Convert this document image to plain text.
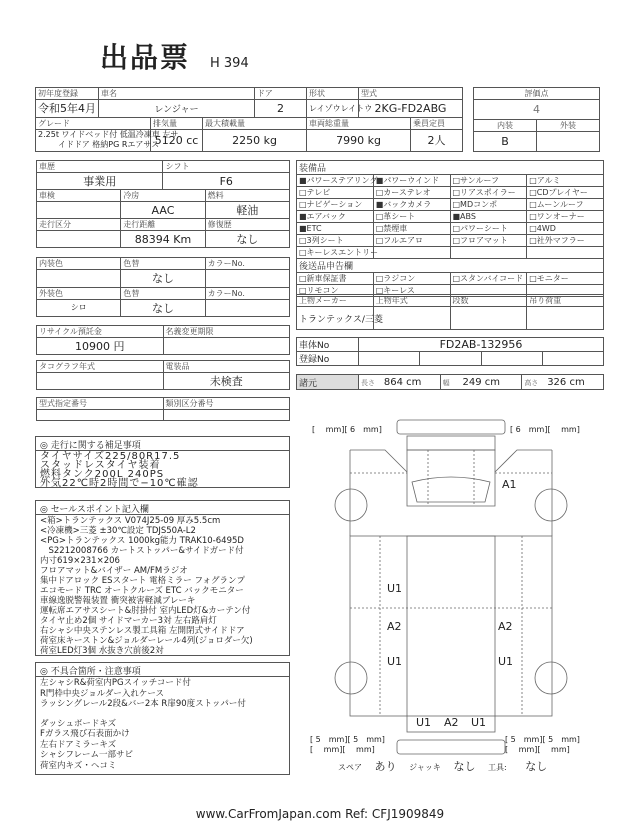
出品票 H 394
初年度登録	車名			ドア	形状	型式	
令和5年4月	レンジャー			2	レイゾウレイトウ	2KG-FD2ABG	
グレード		排気量	最大積載量		車両総重量		乗員定員

2.25t ワイドベッド付 低温冷凍車 左サ
イドドア 格納PG Rエアサス		5120 cc	2250 kg		7990 kg		2人
評価点	
4	
内装	外装
B	
車歴		シフト	
事業用		F6	
車検	冷房		燃料
	AAC		軽油
走行区分	走行距離		修復歴
	88394 Km		なし
内装色	色替	カラーNo.
	なし	
外装色	色替	カラーNo.
シロ	なし	
リサイクル預託金	名義変更期限
10900 円	
タコグラフ年式	電装品
	未検査
型式指定番号	類別区分番号

装備品			
■パワーステアリング	■パワーウインド	□サンルーフ	□アルミ
□テレビ	□カーステレオ	□リアスポイラー	□CDプレイヤー
□ナビゲーション	■バックカメラ	□MDコンポ	□ムーンルーフ
■エアバック	□革シート	■ABS	□ワンオーナー
■ETC	□禁煙車	□パワーシート	□4WD
□3列シート	□フルエアロ	□フロアマット	□社外マフラー
□キーレスエントリー			
後送品申告欄			
□新車保証書	□ラジコン	□スタンバイコード	□モニター
□リモコン	□キーレス		
上物メーカー	上物年式	段数	吊り荷重
トランテックス/三菱			
車体No	FD2AB-132956			
登録No				
諸元	長さ 864 cm	幅 249 cm	高さ 326 cm
◎ 走行に関する補足事項
タイヤサイズ225/80R17.5
スタッドレスタイヤ装着
燃料タンク200L 240PS
外気22℃時2時間で−10℃確認
◎ セールスポイント記入欄
<箱>トランテックス V074J25-09 厚み5.5cm
<冷凍機>三菱 ±30℃設定 TDJS50A-L2
<PG>トランテックス 1000kg能力 TRAK10-6495D
　S2212008766 カートストッパー&サイドガード付
内寸619×231×206
フロアマット&バイザー AM/FMラジオ
集中ドアロック ESスタート 電格ミラー フォグランプ
エコモード TRC オートクルーズ ETC バックモニター
車線逸脱警報装置 衝突被害軽減ブレーキ
運転席エアサスシート&肘掛付 室内LED灯&カーテン付
タイヤ止め2個 サイドマーカー3対 左右路肩灯
右シャシ中央ステンレス製工具箱 左開閉式サイドドア
荷室床キーストン&ジョルダーレール4列(ジョロダー欠)
荷室LED灯3個 水抜き穴前後2対
◎ 不具合箇所・注意事項
左シャシR&荷室内PGスイッチコード付
R門枠中央ジョルダー入れケース
ラッシングレール2段&バー2本 R扉90度ストッパー付
ダッシュボードキズ
Fガラス飛び石表面かけ
左右ドアミラーキズ
シャシフレーム一部サビ
荷室内キズ・ヘコミ
[　 mm][ 6　mm]	[ 6　mm][　 mm]
[ 5　mm][ 5　mm]
[　 mm][　 mm]
[ 5　mm][ 5　mm]
[　 mm][　 mm]
A1
U1
A2
U1
A2
U1
U1 A2 U1
スペア あり ジャッキ なし 工具: なし
www.CarFromJapan.com Ref: CFJ1909849
